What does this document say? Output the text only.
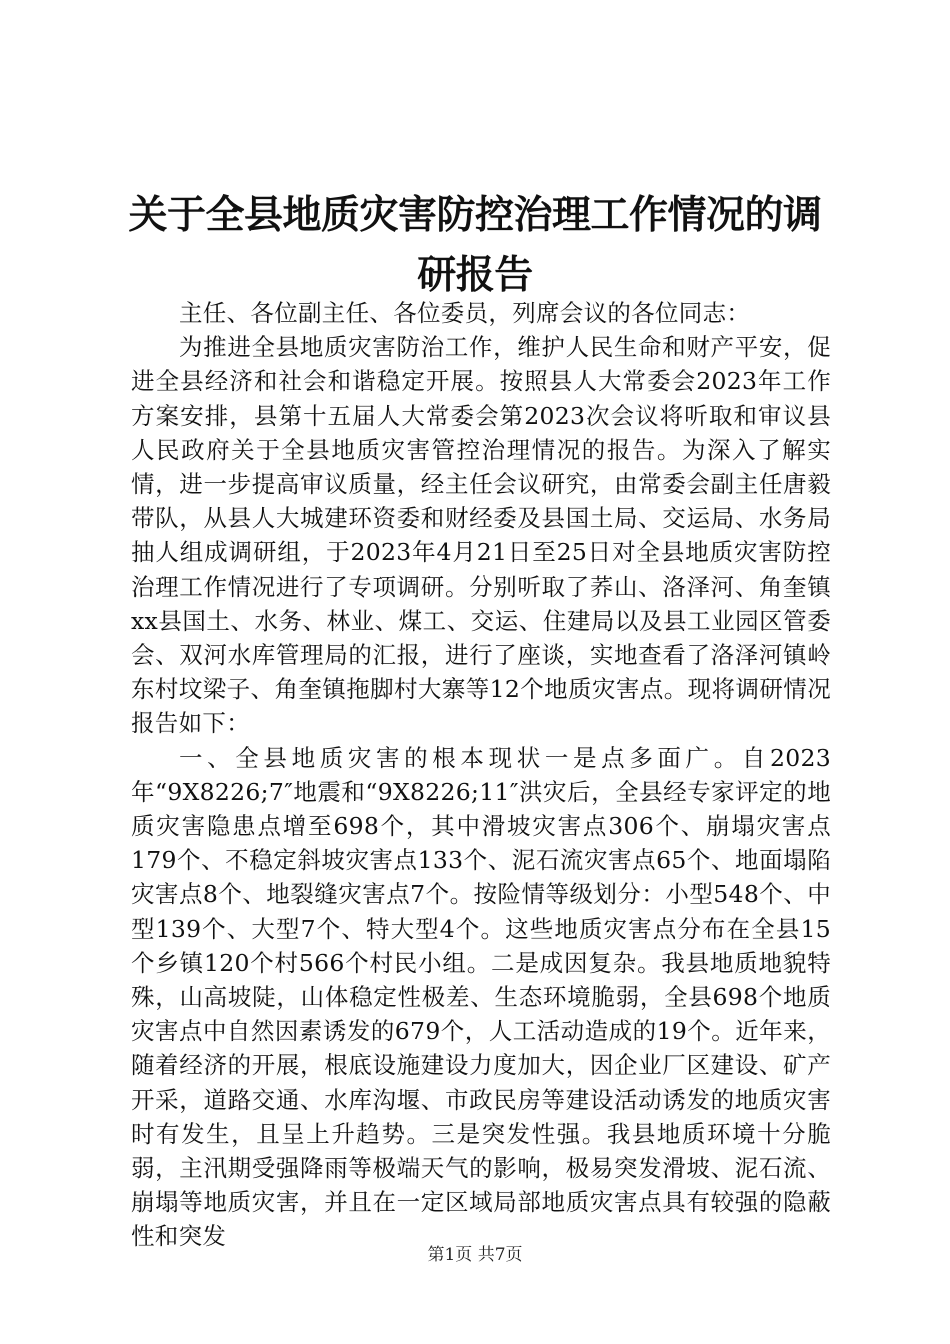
关于全县地质灾害防控治理工作情况的调研报告

主任、各位副主任、各位委员，列席会议的各位同志：

为推进全县地质灾害防治工作，维护人民生命和财产平安，促进全县经济和社会和谐稳定开展。按照县人大常委会2023年工作方案安排，县第十五届人大常委会第2023次会议将听取和审议县人民政府关于全县地质灾害管控治理情况的报告。为深入了解实情，进一步提高审议质量，经主任会议研究，由常委会副主任唐毅带队，从县人大城建环资委和财经委及县国土局、交运局、水务局抽人组成调研组，于2023年4月21日至25日对全县地质灾害防控治理工作情况进行了专项调研。分别听取了荞山、洛泽河、角奎镇xx县国土、水务、林业、煤工、交运、住建局以及县工业园区管委会、双河水库管理局的汇报，进行了座谈，实地查看了洛泽河镇岭东村坟梁子、角奎镇拖脚村大寨等12个地质灾害点。现将调研情况报告如下：

一、全县地质灾害的根本现状一是点多面广。自2023年“9X8226;7″地震和“9X8226;11″洪灾后，全县经专家评定的地质灾害隐患点增至698个，其中滑坡灾害点306个、崩塌灾害点179个、不稳定斜坡灾害点133个、泥石流灾害点65个、地面塌陷灾害点8个、地裂缝灾害点7个。按险情等级划分：小型548个、中型139个、大型7个、特大型4个。这些地质灾害点分布在全县15个乡镇120个村566个村民小组。二是成因复杂。我县地质地貌特殊，山高坡陡，山体稳定性极差、生态环境脆弱，全县698个地质灾害点中自然因素诱发的679个，人工活动造成的19个。近年来，随着经济的开展，根底设施建设力度加大，因企业厂区建设、矿产开采，道路交通、水库沟堰、市政民房等建设活动诱发的地质灾害时有发生，且呈上升趋势。三是突发性强。我县地质环境十分脆弱，主汛期受强降雨等极端天气的影响，极易突发滑坡、泥石流、崩塌等地质灾害，并且在一定区域局部地质灾害点具有较强的隐蔽性和突发

第1页 共7页
